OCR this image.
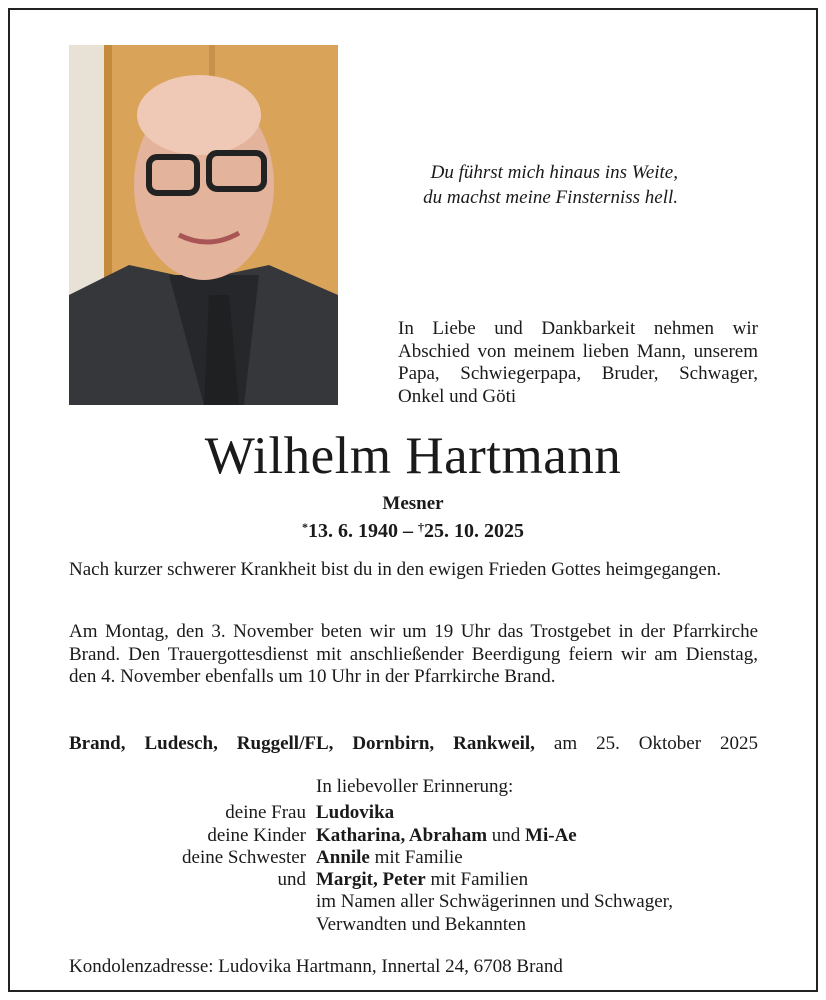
Du führst mich hinaus ins Weite,
du machst meine Finsterniss hell.
In Liebe und Dankbarkeit nehmen wir Abschied von meinem lieben Mann, unserem Papa, Schwiegerpapa, Bruder, Schwager, Onkel und Göti
Wilhelm Hartmann
Mesner
*13. 6. 1940 – †25. 10. 2025
Nach kurzer schwerer Krankheit bist du in den ewigen Frieden Gottes heimgegangen.
Am Montag, den 3. November beten wir um 19 Uhr das Trostgebet in der Pfarrkirche Brand. Den Trauergottesdienst mit anschließender Beerdigung feiern wir am Dienstag, den 4. November ebenfalls um 10 Uhr in der Pfarrkirche Brand.
Brand, Ludesch, Ruggell/FL, Dornbirn, Rankweil, am 25. Oktober 2025
In liebevoller Erinnerung:
deine Frau Ludovika
deine Kinder Katharina, Abraham und Mi-Ae
deine Schwester Annile mit Familie
und Margit, Peter mit Familien
im Namen aller Schwägerinnen und Schwager,
Verwandten und Bekannten
Kondolenzadresse: Ludovika Hartmann, Innertal 24, 6708 Brand
